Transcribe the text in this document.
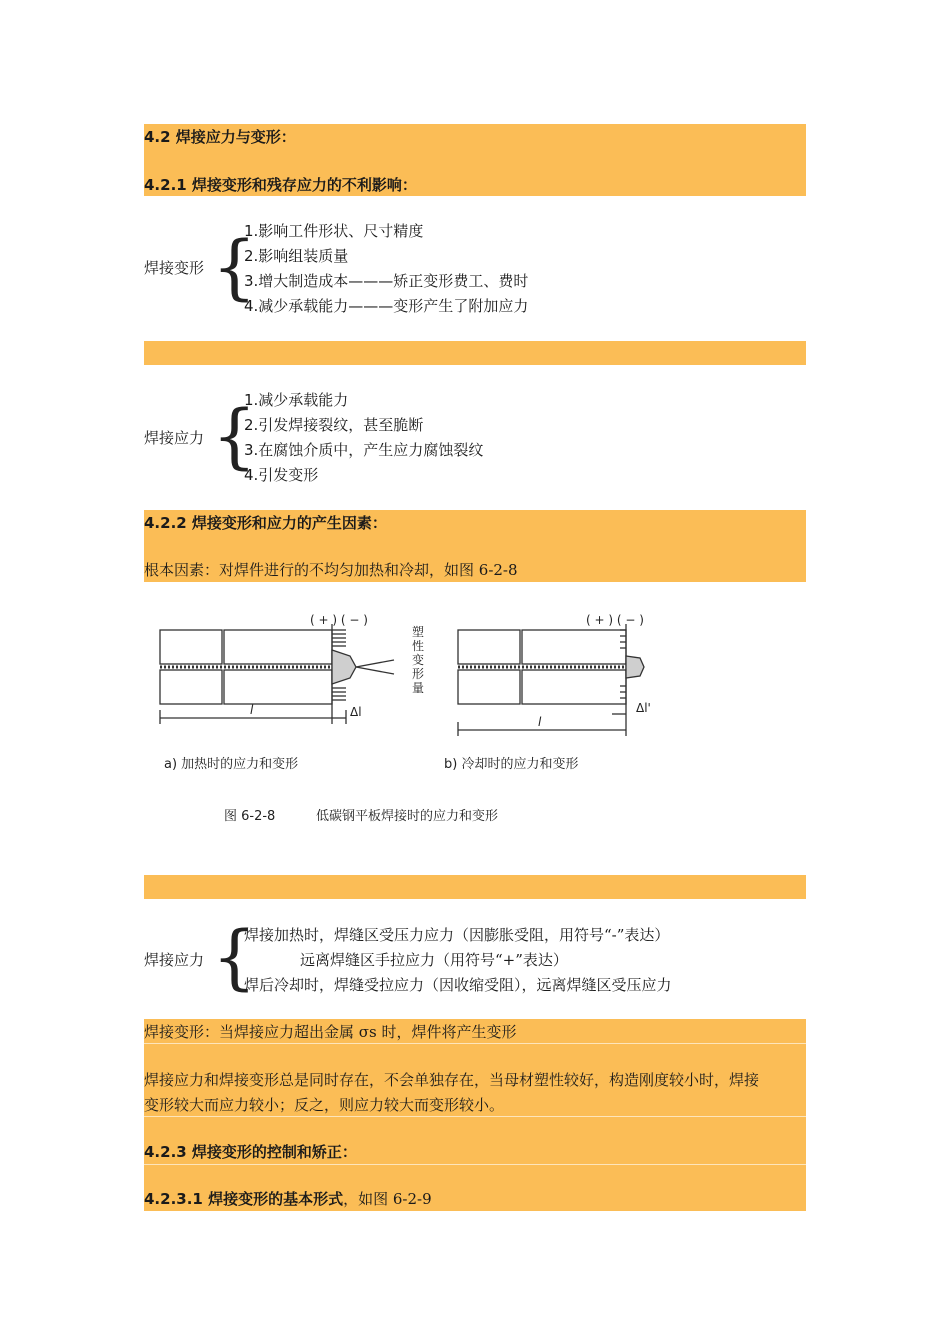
4.2 焊接应力与变形：
4.2.1 焊接变形和残存应力的不利影响：
焊接变形 {
1.影响工件形状、尺寸精度
2.影响组装质量
3.增大制造成本———矫正变形费工、费时
4.减少承载能力———变形产生了附加应力
焊接应力 {
1.减少承载能力
2.引发焊接裂纹，甚至脆断
3.在腐蚀介质中，产生应力腐蚀裂纹
4.引发变形
4.2.2 焊接变形和应力的产生因素：
根本因素：对焊件进行的不均匀加热和冷却，如图 6-2-8
( + ) ( − )	( + ) ( − )
塑
性
变
形
量
l	Δl
l
Δl'
a) 加热时的应力和变形	b) 冷却时的应力和变形
图 6-2-8	低碳钢平板焊接时的应力和变形
焊接应力 {
焊接加热时，焊缝区受压力应力（因膨胀受阻，用符号“-”表达）
远离焊缝区手拉应力（用符号“+”表达）
焊后冷却时，焊缝受拉应力（因收缩受阻），远离焊缝区受压应力
焊接变形：当焊接应力超出金属 σs 时，焊件将产生变形
焊接应力和焊接变形总是同时存在，不会单独存在，当母材塑性较好，构造刚度较小时，焊接
变形较大而应力较小；反之，则应力较大而变形较小。
4.2.3 焊接变形的控制和矫正：
4.2.3.1 焊接变形的基本形式，如图 6-2-9
